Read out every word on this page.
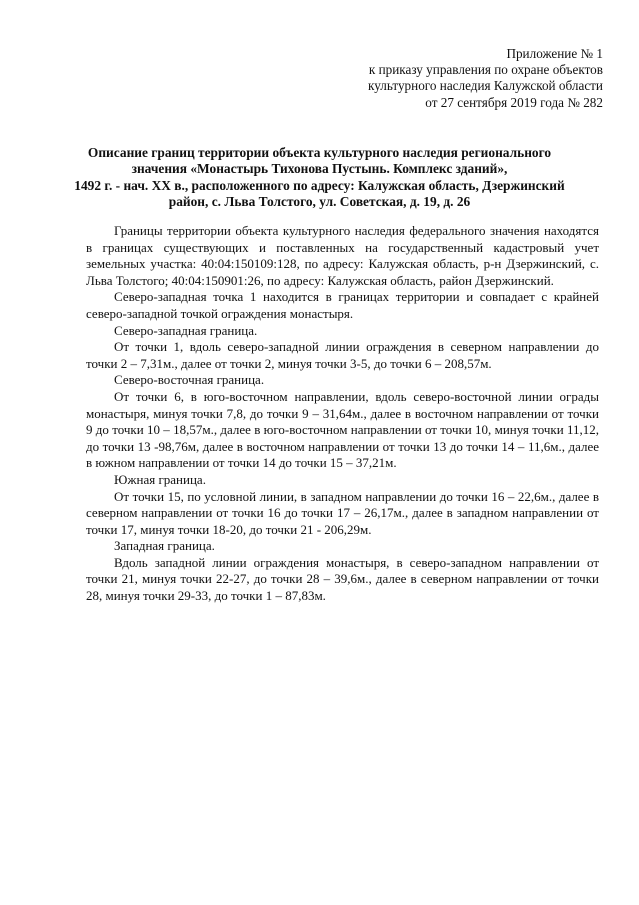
Приложение № 1
к приказу управления по охране объектов
культурного наследия Калужской области
от 27 сентября 2019 года № 282
Описание границ территории объекта культурного наследия регионального
значения «Монастырь Тихонова Пустынь. Комплекс зданий»,
1492 г. - нач. XX в., расположенного по адресу: Калужская область, Дзержинский
район, с. Льва Толстого, ул. Советская, д. 19, д. 26

Границы территории объекта культурного наследия федерального значения находятся в границах существующих и поставленных на государственный кадастровый учет земельных участка: 40:04:150109:128, по адресу: Калужская область, р-н Дзержинский, с. Льва Толстого; 40:04:150901:26, по адресу: Калужская область, район Дзержинский.

Северо-западная точка 1 находится в границах территории и совпадает с крайней северо-западной точкой ограждения монастыря.

Северо-западная граница.

От точки 1, вдоль северо-западной линии ограждения в северном направлении до точки 2 – 7,31м., далее от точки 2, минуя точки 3-5, до точки 6 – 208,57м.

Северо-восточная граница.

От точки 6, в юго-восточном направлении, вдоль северо-восточной линии ограды монастыря, минуя точки 7,8, до точки 9 – 31,64м., далее в восточном направлении от точки 9 до точки 10 – 18,57м., далее в юго-восточном направлении от точки 10, минуя точки 11,12, до точки 13 -98,76м, далее в восточном направлении от точки 13 до точки 14 – 11,6м., далее в южном направлении от точки 14 до точки 15 – 37,21м.

Южная граница.

От точки 15, по условной линии, в западном направлении до точки 16 – 22,6м., далее в северном направлении от точки 16 до точки 17 – 26,17м., далее в западном направлении от точки 17, минуя точки 18-20, до точки 21 - 206,29м.

Западная граница.

Вдоль западной линии ограждения монастыря, в северо-западном направлении от точки 21, минуя точки 22-27, до точки 28 – 39,6м., далее в северном направлении от точки 28, минуя точки 29-33, до точки 1 – 87,83м.
